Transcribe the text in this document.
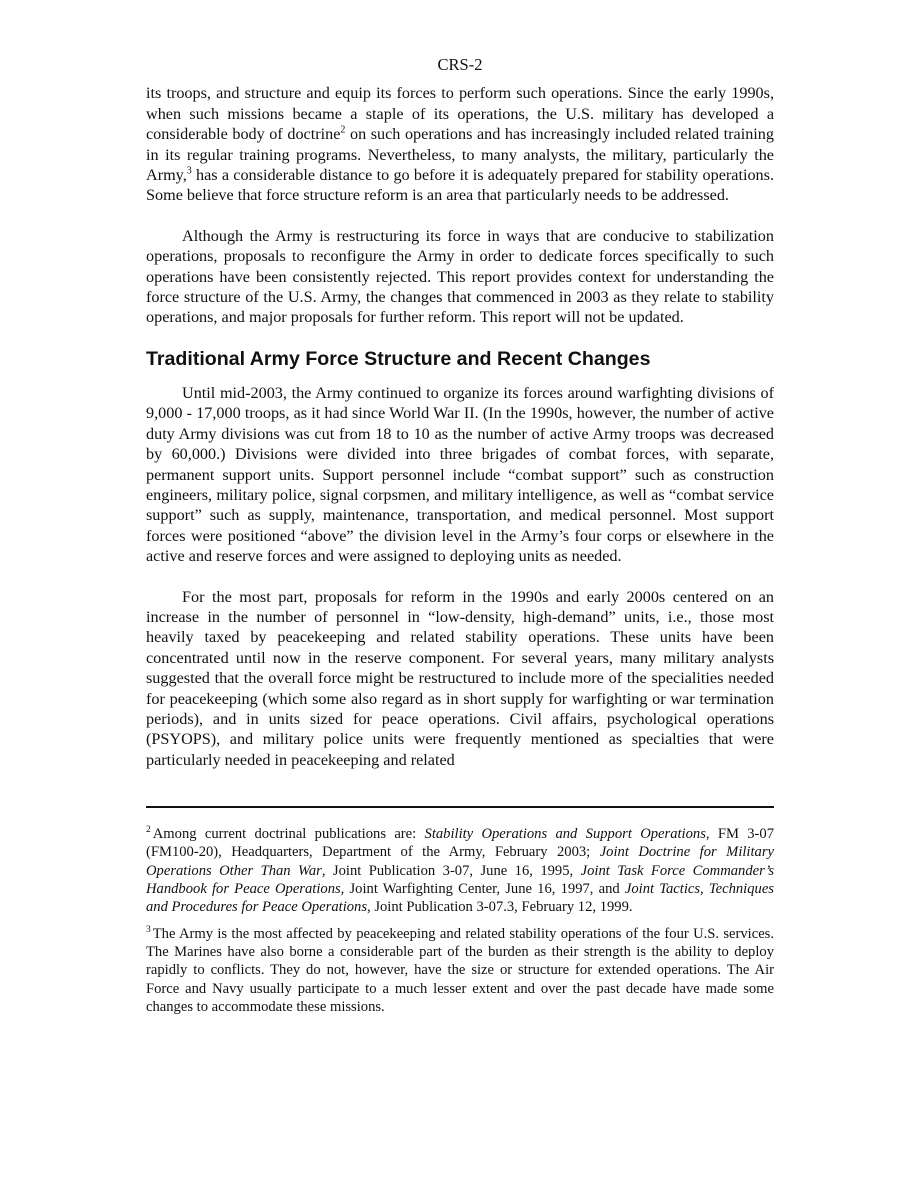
CRS-2

its troops, and structure and equip its forces to perform such operations. Since the early 1990s, when such missions became a staple of its operations, the U.S. military has developed a considerable body of doctrine$^2$ on such operations and has increasingly included related training in its regular training programs. Nevertheless, to many analysts, the military, particularly the Army,$^3$ has a considerable distance to go before it is adequately prepared for stability operations. Some believe that force structure reform is an area that particularly needs to be addressed.

Although the Army is restructuring its force in ways that are conducive to stabilization operations, proposals to reconfigure the Army in order to dedicate forces specifically to such operations have been consistently rejected. This report provides context for understanding the force structure of the U.S. Army, the changes that commenced in 2003 as they relate to stability operations, and major proposals for further reform. This report will not be updated.

Traditional Army Force Structure and Recent Changes

Until mid-2003, the Army continued to organize its forces around warfighting divisions of 9,000 - 17,000 troops, as it had since World War II. (In the 1990s, however, the number of active duty Army divisions was cut from 18 to 10 as the number of active Army troops was decreased by 60,000.) Divisions were divided into three brigades of combat forces, with separate, permanent support units. Support personnel include “combat support” such as construction engineers, military police, signal corpsmen, and military intelligence, as well as “combat service support” such as supply, maintenance, transportation, and medical personnel. Most support forces were positioned “above” the division level in the Army’s four corps or elsewhere in the active and reserve forces and were assigned to deploying units as needed.

For the most part, proposals for reform in the 1990s and early 2000s centered on an increase in the number of personnel in “low-density, high-demand” units, i.e., those most heavily taxed by peacekeeping and related stability operations. These units have been concentrated until now in the reserve component. For several years, many military analysts suggested that the overall force might be restructured to include more of the specialities needed for peacekeeping (which some also regard as in short supply for warfighting or war termination periods), and in units sized for peace operations. Civil affairs, psychological operations (PSYOPS), and military police units were frequently mentioned as specialties that were particularly needed in peacekeeping and related

$^2$ Among current doctrinal publications are: Stability Operations and Support Operations, FM 3-07 (FM100-20), Headquarters, Department of the Army, February 2003; Joint Doctrine for Military Operations Other Than War, Joint Publication 3-07, June 16, 1995, Joint Task Force Commander’s Handbook for Peace Operations, Joint Warfighting Center, June 16, 1997, and Joint Tactics, Techniques and Procedures for Peace Operations, Joint Publication 3-07.3, February 12, 1999.

$^3$ The Army is the most affected by peacekeeping and related stability operations of the four U.S. services. The Marines have also borne a considerable part of the burden as their strength is the ability to deploy rapidly to conflicts. They do not, however, have the size or structure for extended operations. The Air Force and Navy usually participate to a much lesser extent and over the past decade have made some changes to accommodate these missions.
